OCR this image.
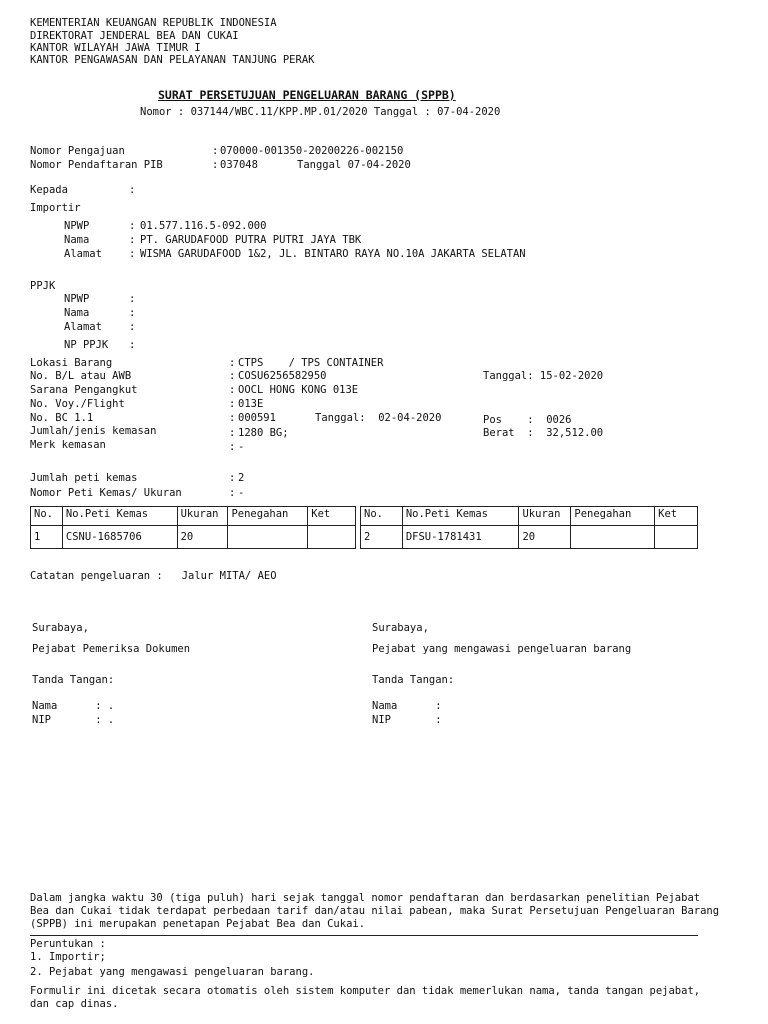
KEMENTERIAN KEUANGAN REPUBLIK INDONESIA
DIREKTORAT JENDERAL BEA DAN CUKAI
KANTOR WILAYAH JAWA TIMUR I
KANTOR PENGAWASAN DAN PELAYANAN TANJUNG PERAK
SURAT PERSETUJUAN PENGELUARAN BARANG (SPPB)
Nomor : 037144/WBC.11/KPP.MP.01/2020 Tanggal : 07-04-2020
Nomor Pengajuan	: 070000-001350-20200226-002150
Nomor Pendaftaran PIB	: 037048	Tanggal 07-04-2020
Kepada	:
Importir
NPWP	: 01.577.116.5-092.000
Nama	: PT. GARUDAFOOD PUTRA PUTRI JAYA TBK
Alamat	: WISMA GARUDAFOOD 1&2, JL. BINTARO RAYA NO.10A JAKARTA SELATAN
PPJK
NPWP	:
Nama	:
Alamat	:
NP PPJK :
Lokasi Barang	: CTPS    / TPS CONTAINER
No. B/L atau AWB	: COSU6256582950	Tanggal: 15-02-2020
Sarana Pengangkut	: OOCL HONG KONG 013E
No. Voy./Flight	: 013E
No. BC 1.1	: 000591	Tanggal:  02-04-2020	Pos    :  0026
Jumlah/jenis kemasan	: 1280 BG;	Berat  :  32,512.00
Merk kemasan	: -
Jumlah peti kemas	: 2
Nomor Peti Kemas/ Ukuran	: -
No.	No.Peti Kemas	Ukuran	Penegahan	Ket
1	CSNU-1685706	20		
No.	No.Peti Kemas	Ukuran	Penegahan	Ket
2	DFSU-1781431	20		
Catatan pengeluaran :   Jalur MITA/ AEO
Surabaya,
Pejabat Pemeriksa Dokumen
Tanda Tangan:
Nama      : .
NIP       : .
Surabaya,
Pejabat yang mengawasi pengeluaran barang
Tanda Tangan:
Nama      :
NIP       :
Dalam jangka waktu 30 (tiga puluh) hari sejak tanggal nomor pendaftaran dan berdasarkan penelitian Pejabat Bea dan Cukai tidak terdapat perbedaan tarif dan/atau nilai pabean, maka Surat Persetujuan Pengeluaran Barang (SPPB) ini merupakan penetapan Pejabat Bea dan Cukai.
Peruntukan :
1. Importir;
2. Pejabat yang mengawasi pengeluaran barang.
Formulir ini dicetak secara otomatis oleh sistem komputer dan tidak memerlukan nama, tanda tangan pejabat, dan cap dinas.
